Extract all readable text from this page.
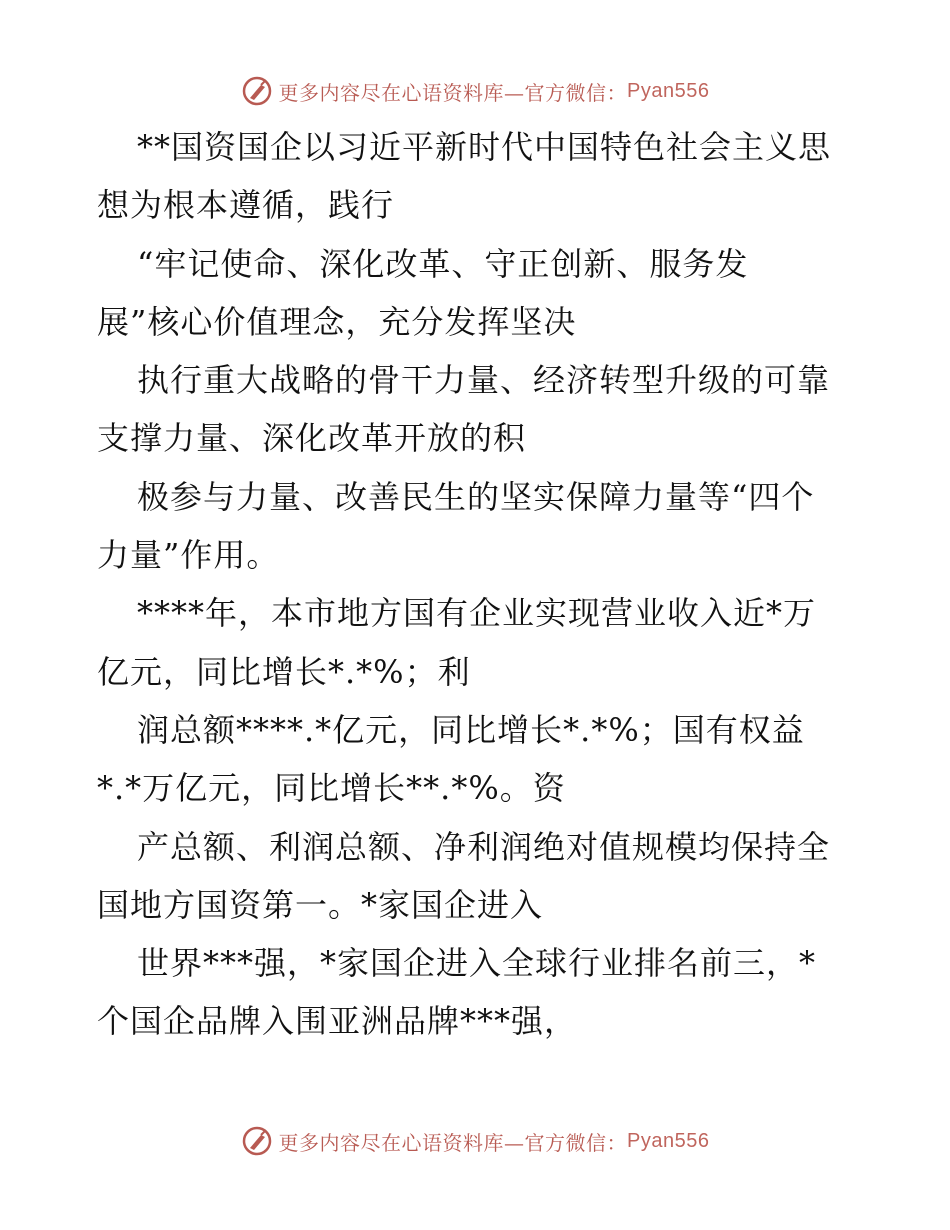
更多内容尽在心语资料库—官方微信： Pyan556
**国资国企以习近平新时代中国特色社会主义思
想为根本遵循，践行
“牢记使命、深化改革、守正创新、服务发
展”核心价值理念，充分发挥坚决
执行重大战略的骨干力量、经济转型升级的可靠
支撑力量、深化改革开放的积
极参与力量、改善民生的坚实保障力量等“四个
力量”作用。
****年，本市地方国有企业实现营业收入近*万
亿元，同比增长*.*%；利
润总额****.*亿元，同比增长*.*%；国有权益
*.*万亿元，同比增长**.*%。资
产总额、利润总额、净利润绝对值规模均保持全
国地方国资第一。*家国企进入
世界***强，*家国企进入全球行业排名前三，*
个国企品牌入围亚洲品牌***强，
更多内容尽在心语资料库—官方微信： Pyan556
